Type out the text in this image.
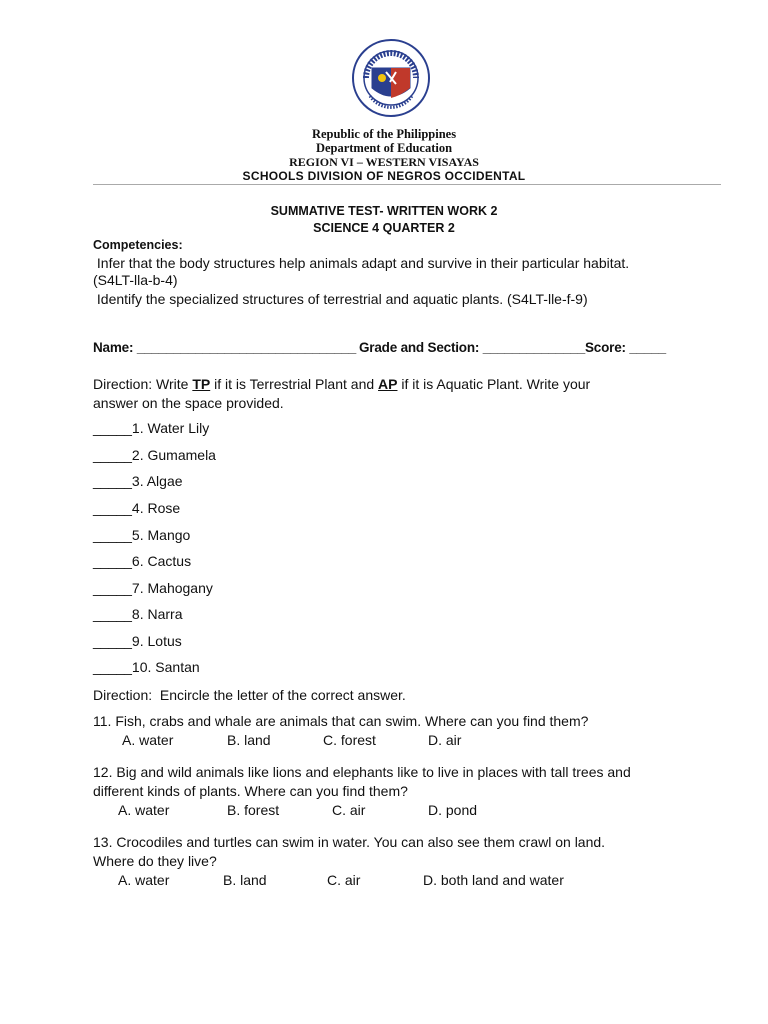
Republic of the Philippines
Department of Education
REGION VI – WESTERN VISAYAS
SCHOOLS DIVISION OF NEGROS OCCIDENTAL
SUMMATIVE TEST- WRITTEN WORK 2
SCIENCE 4 QUARTER 2
Competencies:
Infer that the body structures help animals adapt and survive in their particular habitat.
(S4LT-lla-b-4)
Identify the specialized structures of terrestrial and aquatic plants. (S4LT-lle-f-9)
Name: ______________________________ Grade and Section: ______________ Score: _____
Direction: Write TP if it is Terrestrial Plant and AP if it is Aquatic Plant. Write your
answer on the space provided.
_____1. Water Lily
_____2. Gumamela
_____3. Algae
_____4. Rose
_____5. Mango
_____6. Cactus
_____7. Mahogany
_____8. Narra
_____9. Lotus
_____10. Santan
Direction:  Encircle the letter of the correct answer.
11. Fish, crabs and whale are animals that can swim. Where can you find them?
A. water	B. land	C. forest	D. air
12. Big and wild animals like lions and elephants like to live in places with tall trees and
different kinds of plants. Where can you find them?
A. water	B. forest	C. air	D. pond
13. Crocodiles and turtles can swim in water. You can also see them crawl on land.
Where do they live?
A. water	B. land	C. air	D. both land and water
